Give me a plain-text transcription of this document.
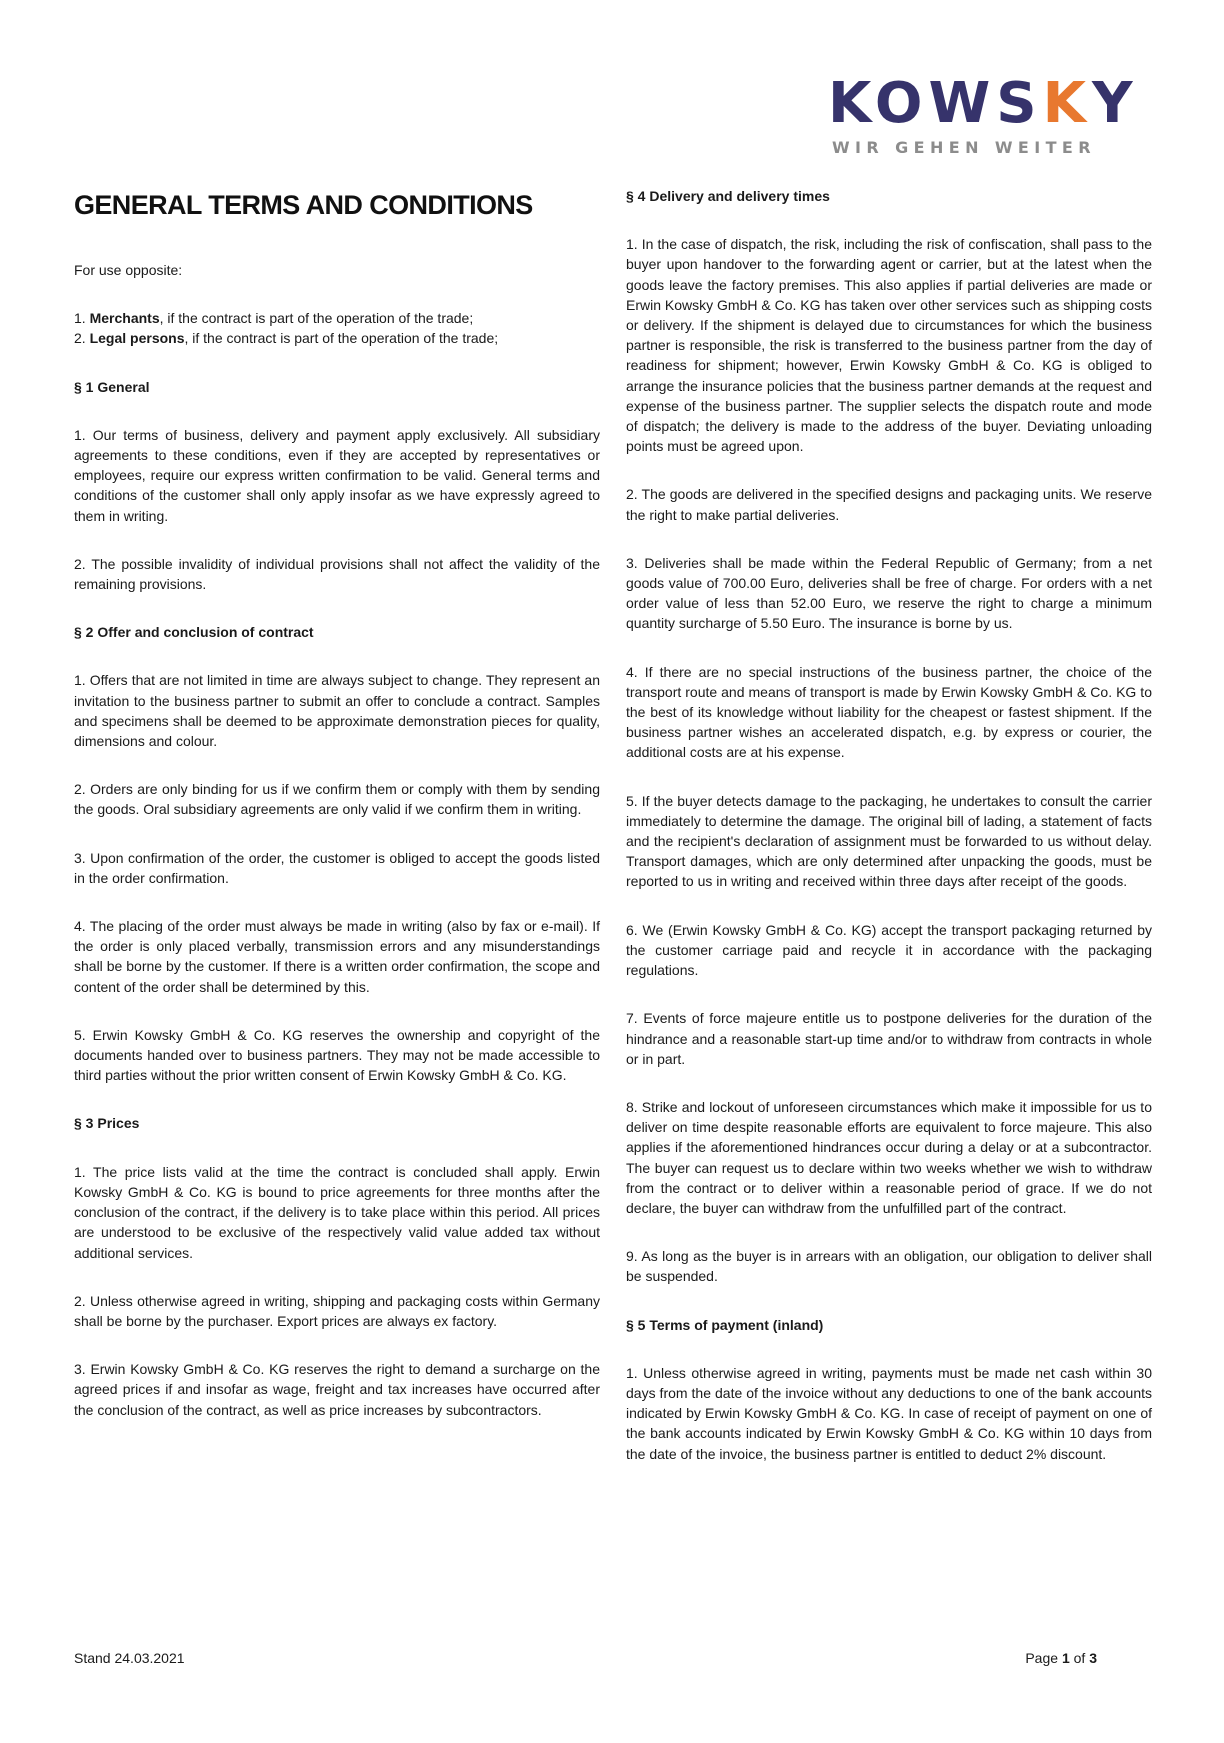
KOWSKY
WIR GEHEN WEITER
GENERAL TERMS AND CONDITIONS

For use opposite:

1. Merchants, if the contract is part of the operation of the trade;
2. Legal persons, if the contract is part of the operation of the trade;

§ 1 General

1. Our terms of business, delivery and payment apply exclusively. All subsidiary agreements to these conditions, even if they are accepted by representatives or employees, require our express written confirmation to be valid. General terms and conditions of the customer shall only apply insofar as we have expressly agreed to them in writing.

2. The possible invalidity of individual provisions shall not affect the validity of the remaining provisions.

§ 2 Offer and conclusion of contract

1. Offers that are not limited in time are always subject to change. They represent an invitation to the business partner to submit an offer to conclude a contract. Samples and specimens shall be deemed to be approximate demonstration pieces for quality, dimensions and colour.

2. Orders are only binding for us if we confirm them or comply with them by sending the goods. Oral subsidiary agreements are only valid if we confirm them in writing.

3. Upon confirmation of the order, the customer is obliged to accept the goods listed in the order confirmation.

4. The placing of the order must always be made in writing (also by fax or e-mail). If the order is only placed verbally, transmission errors and any misunderstandings shall be borne by the customer. If there is a written order confirmation, the scope and content of the order shall be determined by this.

5. Erwin Kowsky GmbH & Co. KG reserves the ownership and copyright of the documents handed over to business partners. They may not be made accessible to third parties without the prior written consent of Erwin Kowsky GmbH & Co. KG.

§ 3 Prices

1. The price lists valid at the time the contract is concluded shall apply. Erwin Kowsky GmbH & Co. KG is bound to price agreements for three months after the conclusion of the contract, if the delivery is to take place within this period. All prices are understood to be exclusive of the respectively valid value added tax without additional services.

2. Unless otherwise agreed in writing, shipping and packaging costs within Germany shall be borne by the purchaser. Export prices are always ex factory.

3. Erwin Kowsky GmbH & Co. KG reserves the right to demand a surcharge on the agreed prices if and insofar as wage, freight and tax increases have occurred after the conclusion of the contract, as well as price increases by subcontractors.

§ 4 Delivery and delivery times

1. In the case of dispatch, the risk, including the risk of confiscation, shall pass to the buyer upon handover to the forwarding agent or carrier, but at the latest when the goods leave the factory premises. This also applies if partial deliveries are made or Erwin Kowsky GmbH & Co. KG has taken over other services such as shipping costs or delivery. If the shipment is delayed due to circumstances for which the business partner is responsible, the risk is transferred to the business partner from the day of readiness for shipment; however, Erwin Kowsky GmbH & Co. KG is obliged to arrange the insurance policies that the business partner demands at the request and expense of the business partner. The supplier selects the dispatch route and mode of dispatch; the delivery is made to the address of the buyer. Deviating unloading points must be agreed upon.

2. The goods are delivered in the specified designs and packaging units. We reserve the right to make partial deliveries.

3. Deliveries shall be made within the Federal Republic of Germany; from a net goods value of 700.00 Euro, deliveries shall be free of charge. For orders with a net order value of less than 52.00 Euro, we reserve the right to charge a minimum quantity surcharge of 5.50 Euro. The insurance is borne by us.

4. If there are no special instructions of the business partner, the choice of the transport route and means of transport is made by Erwin Kowsky GmbH & Co. KG to the best of its knowledge without liability for the cheapest or fastest shipment. If the business partner wishes an accelerated dispatch, e.g. by express or courier, the additional costs are at his expense.

5. If the buyer detects damage to the packaging, he undertakes to consult the carrier immediately to determine the damage. The original bill of lading, a statement of facts and the recipient's declaration of assignment must be forwarded to us without delay. Transport damages, which are only determined after unpacking the goods, must be reported to us in writing and received within three days after receipt of the goods.

6. We (Erwin Kowsky GmbH & Co. KG) accept the transport packaging returned by the customer carriage paid and recycle it in accordance with the packaging regulations.

7. Events of force majeure entitle us to postpone deliveries for the duration of the hindrance and a reasonable start-up time and/or to withdraw from contracts in whole or in part.

8. Strike and lockout of unforeseen circumstances which make it impossible for us to deliver on time despite reasonable efforts are equivalent to force majeure. This also applies if the aforementioned hindrances occur during a delay or at a subcontractor. The buyer can request us to declare within two weeks whether we wish to withdraw from the contract or to deliver within a reasonable period of grace. If we do not declare, the buyer can withdraw from the unfulfilled part of the contract.

9. As long as the buyer is in arrears with an obligation, our obligation to deliver shall be suspended.

§ 5 Terms of payment (inland)

1. Unless otherwise agreed in writing, payments must be made net cash within 30 days from the date of the invoice without any deductions to one of the bank accounts indicated by Erwin Kowsky GmbH & Co. KG. In case of receipt of payment on one of the bank accounts indicated by Erwin Kowsky GmbH & Co. KG within 10 days from the date of the invoice, the business partner is entitled to deduct 2% discount.

Stand 24.03.2021	Page 1 of 3
